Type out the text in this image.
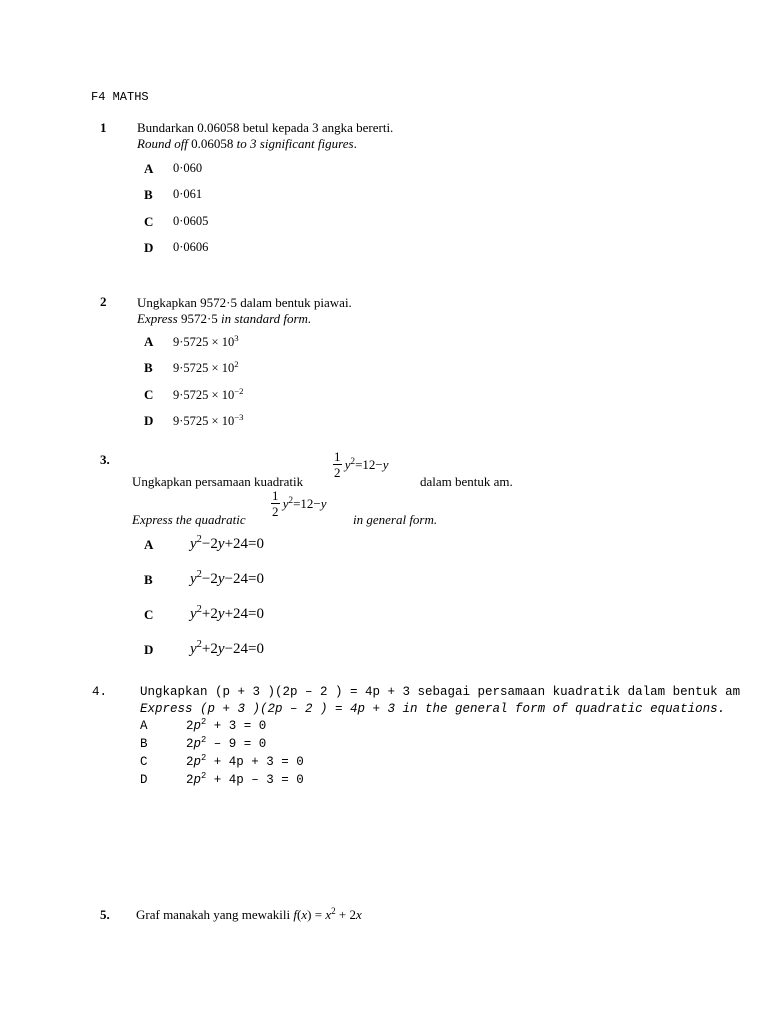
F4 MATHS
1 Bundarkan 0.06058 betul kepada 3 angka bererti.
Round off 0.06058 to 3 significant figures.
A 0·060
B 0·061
C 0·0605
D 0·0606
2 Ungkapkan 9572·5 dalam bentuk piawai.
Express 9572·5 in standard form.
A $9\cdot 5725 \times 10^3$
B $9\cdot 5725 \times 10^2$
C $9\cdot 5725 \times 10^{-2}$
D $9\cdot 5725 \times 10^{-3}$
3.
Ungkapkan persamaan kuadratik
$\frac{1}{2} y^2=12-y$
dalam bentuk am.
Express the quadratic
$\frac{1}{2} y^2=12-y$
in general form.
A $y^2-2y+24=0$
B $y^2-2y-24=0$
C $y^2+2y+24=0$
D $y^2+2y-24=0$
4.	Ungkapkan (p + 3 )(2p – 2 ) = 4p + 3 sebagai persamaan kuadratik dalam bentuk am
Express (p + 3 )(2p – 2 ) = 4p + 3 in the general form of quadratic equations.
A	$2p^2 + 3 = 0$
B	$2p^2 - 9 = 0$
C	$2p^2 + 4p + 3 = 0$
D	$2p^2 + 4p - 3 = 0$
5. Graf manakah yang mewakili $f(x) = x^2 + 2x$
